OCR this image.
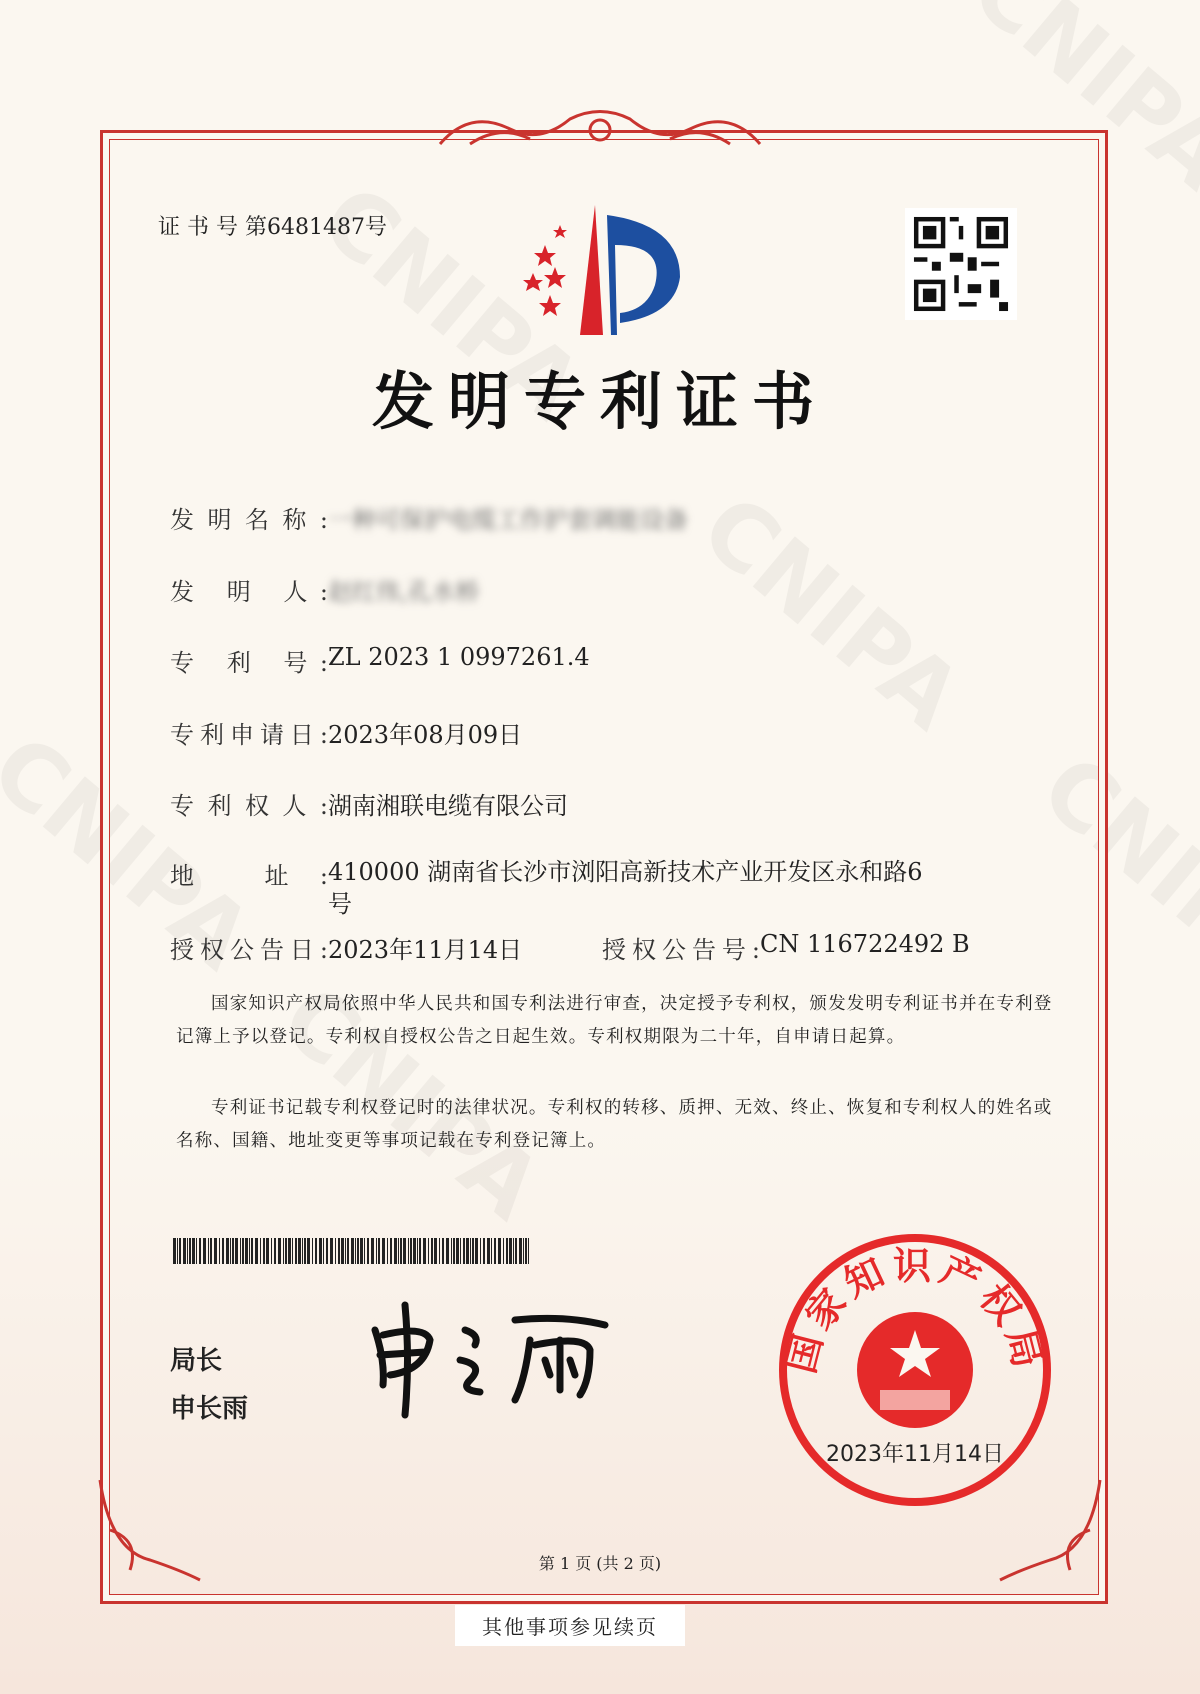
证 书 号 第6481487号
发明专利证书
发明名称: 一种可保护电缆工作护套调能设备
发 明 人: 赵红伟,孔水桥
专 利 号: ZL 2023 1 0997261.4
专利申请日: 2023年08月09日
专利权人: 湖南湘联电缆有限公司
地 址: 410000 湖南省长沙市浏阳高新技术产业开发区永和路6号
授权公告日: 2023年11月14日	授权公告号: CN 116722492 B
国家知识产权局依照中华人民共和国专利法进行审查，决定授予专利权，颁发发明专利证书并在专利登记簿上予以登记。专利权自授权公告之日起生效。专利权期限为二十年，自申请日起算。
专利证书记载专利权登记时的法律状况。专利权的转移、质押、无效、终止、恢复和专利权人的姓名或名称、国籍、地址变更等事项记载在专利登记簿上。
局长
申长雨
国家知识产权局
2023年11月14日
第 1 页 (共 2 页)
其他事项参见续页
